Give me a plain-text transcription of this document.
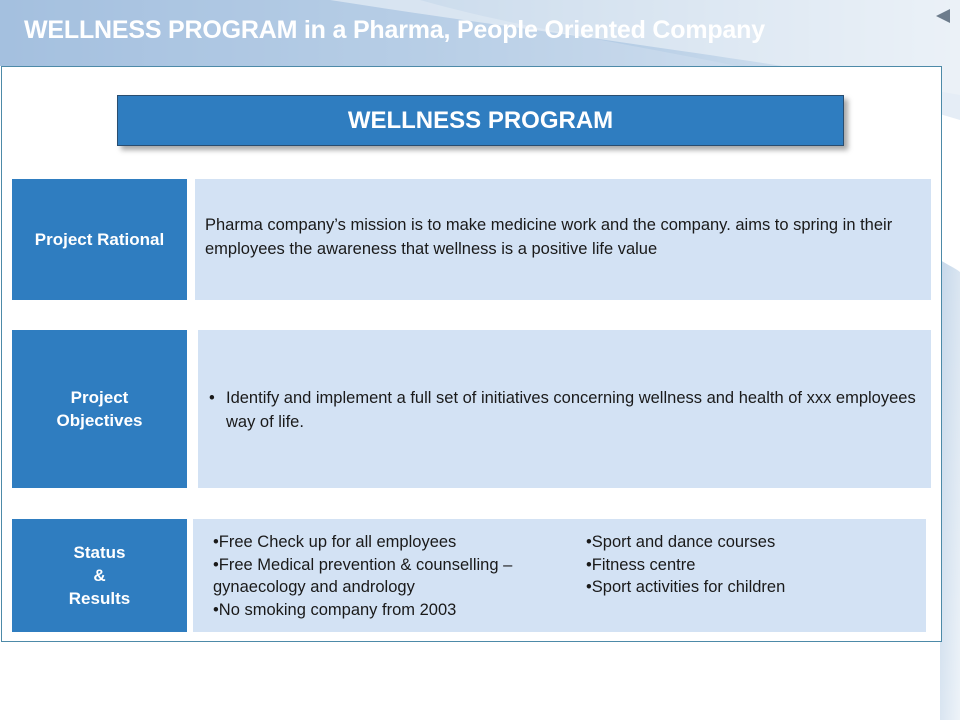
WELLNESS PROGRAM in a Pharma, People Oriented Company
WELLNESS PROGRAM
Project Rational
Pharma company’s mission is to make medicine work and the company. aims to spring in their employees the awareness that wellness is a positive life value
Project
Objectives
• Identify and implement a full set of initiatives concerning wellness and health of xxx employees way of life.
Status
&
Results
•Free Check up for all employees
•Free Medical prevention & counselling – gynaecology and andrology
•No smoking company from 2003
•Sport and dance courses
•Fitness centre
•Sport activities for children
